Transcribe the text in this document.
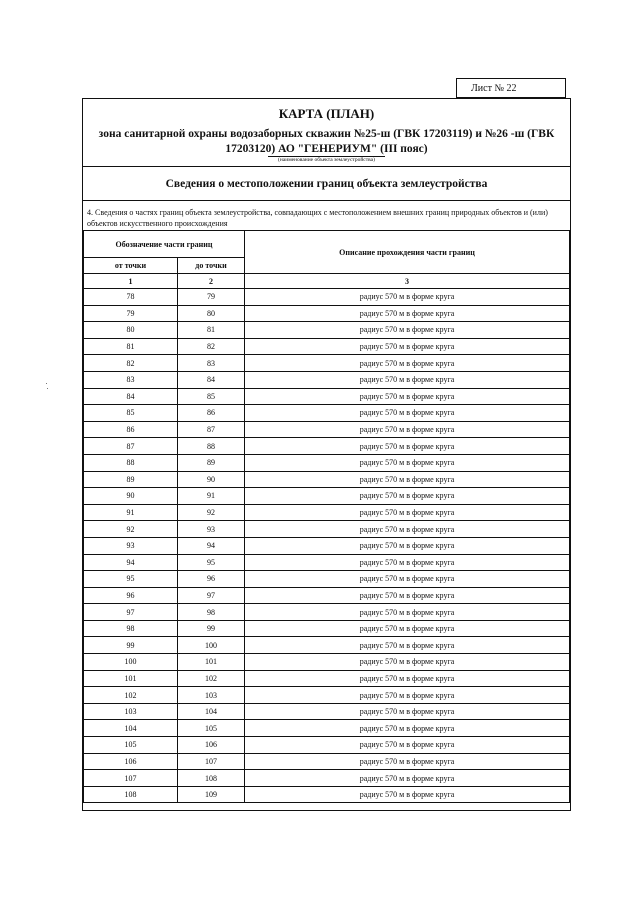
Лист № 22
КАРТА (ПЛАН)
зона санитарной охраны водозаборных скважин №25-ш (ГВК 17203119) и №26 -ш (ГВК 17203120) АО "ГЕНЕРИУМ" (III пояс)
(наименование объекта землеустройства)
Сведения о местоположении границ объекта землеустройства
4. Сведения о частях границ объекта землеустройства, совпадающих с местоположением внешних границ природных объектов и (или) объектов искусственного происхождения
Обозначение части границ		Описание прохождения части границ
от точки	до точки	
1	2	3
78	79	радиус 570 м в форме круга
79	80	радиус 570 м в форме круга
80	81	радиус 570 м в форме круга
81	82	радиус 570 м в форме круга
82	83	радиус 570 м в форме круга
83	84	радиус 570 м в форме круга
84	85	радиус 570 м в форме круга
85	86	радиус 570 м в форме круга
86	87	радиус 570 м в форме круга
87	88	радиус 570 м в форме круга
88	89	радиус 570 м в форме круга
89	90	радиус 570 м в форме круга
90	91	радиус 570 м в форме круга
91	92	радиус 570 м в форме круга
92	93	радиус 570 м в форме круга
93	94	радиус 570 м в форме круга
94	95	радиус 570 м в форме круга
95	96	радиус 570 м в форме круга
96	97	радиус 570 м в форме круга
97	98	радиус 570 м в форме круга
98	99	радиус 570 м в форме круга
99	100	радиус 570 м в форме круга
100	101	радиус 570 м в форме круга
101	102	радиус 570 м в форме круга
102	103	радиус 570 м в форме круга
103	104	радиус 570 м в форме круга
104	105	радиус 570 м в форме круга
105	106	радиус 570 м в форме круга
106	107	радиус 570 м в форме круга
107	108	радиус 570 м в форме круга
108	109	радиус 570 м в форме круга
